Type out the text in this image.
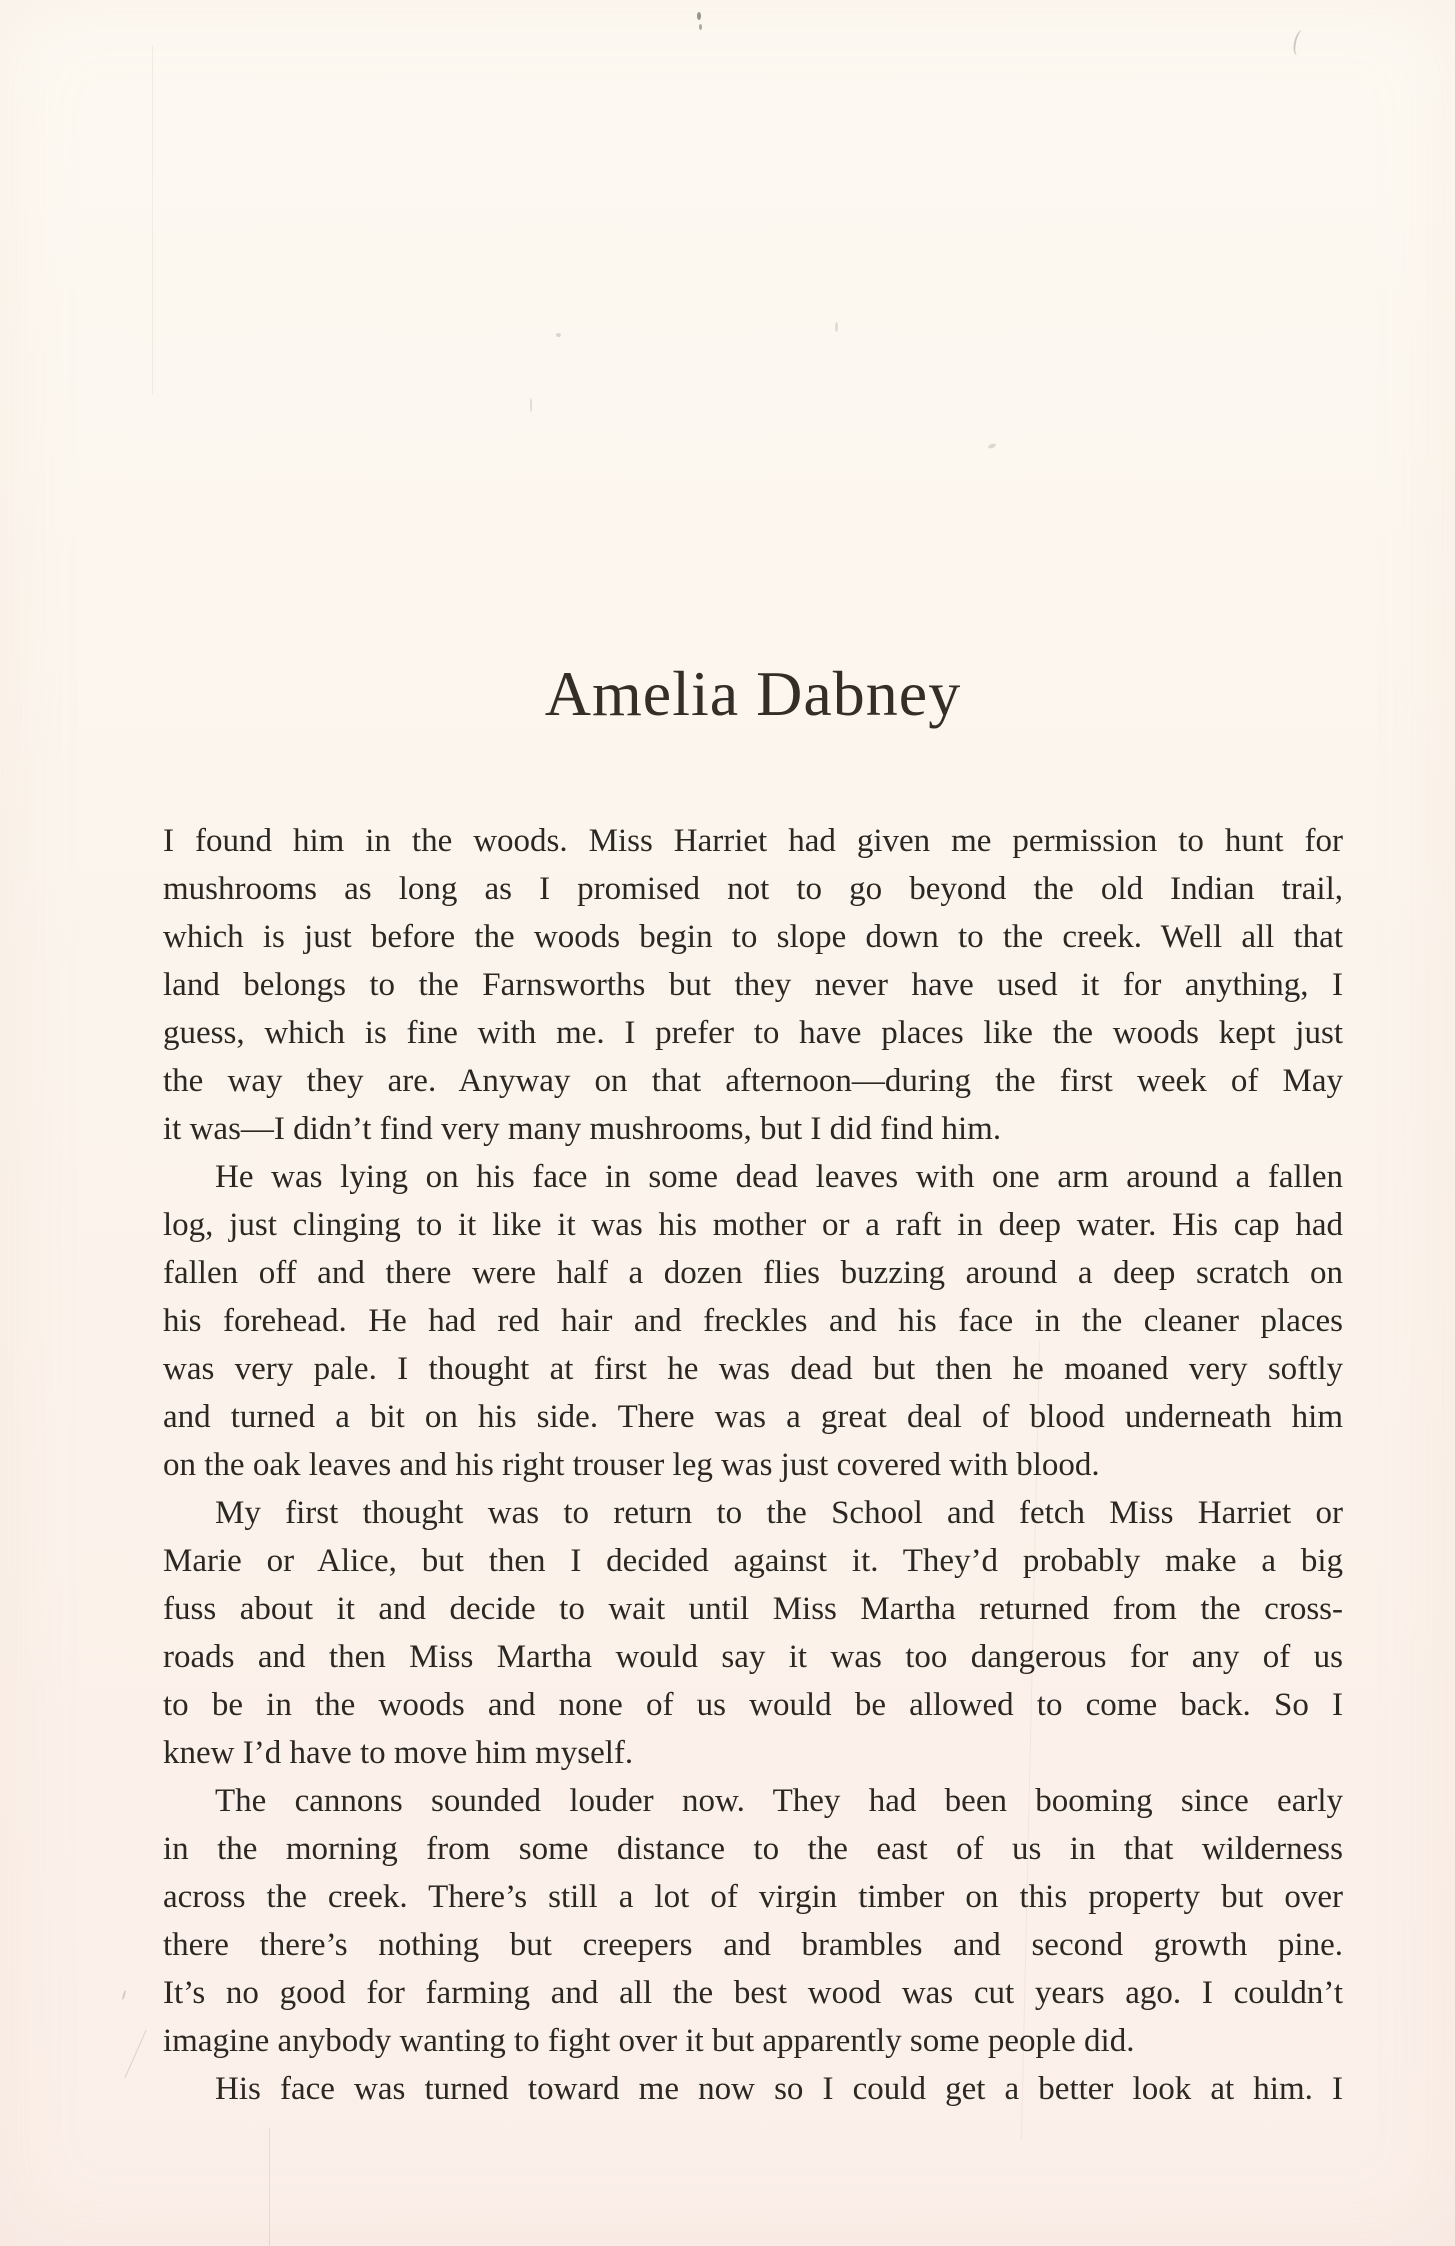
Amelia Dabney
I found him in the woods. Miss Harriet had given me permission to hunt for
mushrooms as long as I promised not to go beyond the old Indian trail,
which is just before the woods begin to slope down to the creek. Well all that
land belongs to the Farnsworths but they never have used it for anything, I
guess, which is fine with me. I prefer to have places like the woods kept just
the way they are. Anyway on that afternoon—during the first week of May
it was—I didn’t find very many mushrooms, but I did find him.
He was lying on his face in some dead leaves with one arm around a fallen
log, just clinging to it like it was his mother or a raft in deep water. His cap had
fallen off and there were half a dozen flies buzzing around a deep scratch on
his forehead. He had red hair and freckles and his face in the cleaner places
was very pale. I thought at first he was dead but then he moaned very softly
and turned a bit on his side. There was a great deal of blood underneath him
on the oak leaves and his right trouser leg was just covered with blood.
My first thought was to return to the School and fetch Miss Harriet or
Marie or Alice, but then I decided against it. They’d probably make a big
fuss about it and decide to wait until Miss Martha returned from the cross-
roads and then Miss Martha would say it was too dangerous for any of us
to be in the woods and none of us would be allowed to come back. So I
knew I’d have to move him myself.
The cannons sounded louder now. They had been booming since early
in the morning from some distance to the east of us in that wilderness
across the creek. There’s still a lot of virgin timber on this property but over
there there’s nothing but creepers and brambles and second growth pine.
It’s no good for farming and all the best wood was cut years ago. I couldn’t
imagine anybody wanting to fight over it but apparently some people did.
His face was turned toward me now so I could get a better look at him. I
